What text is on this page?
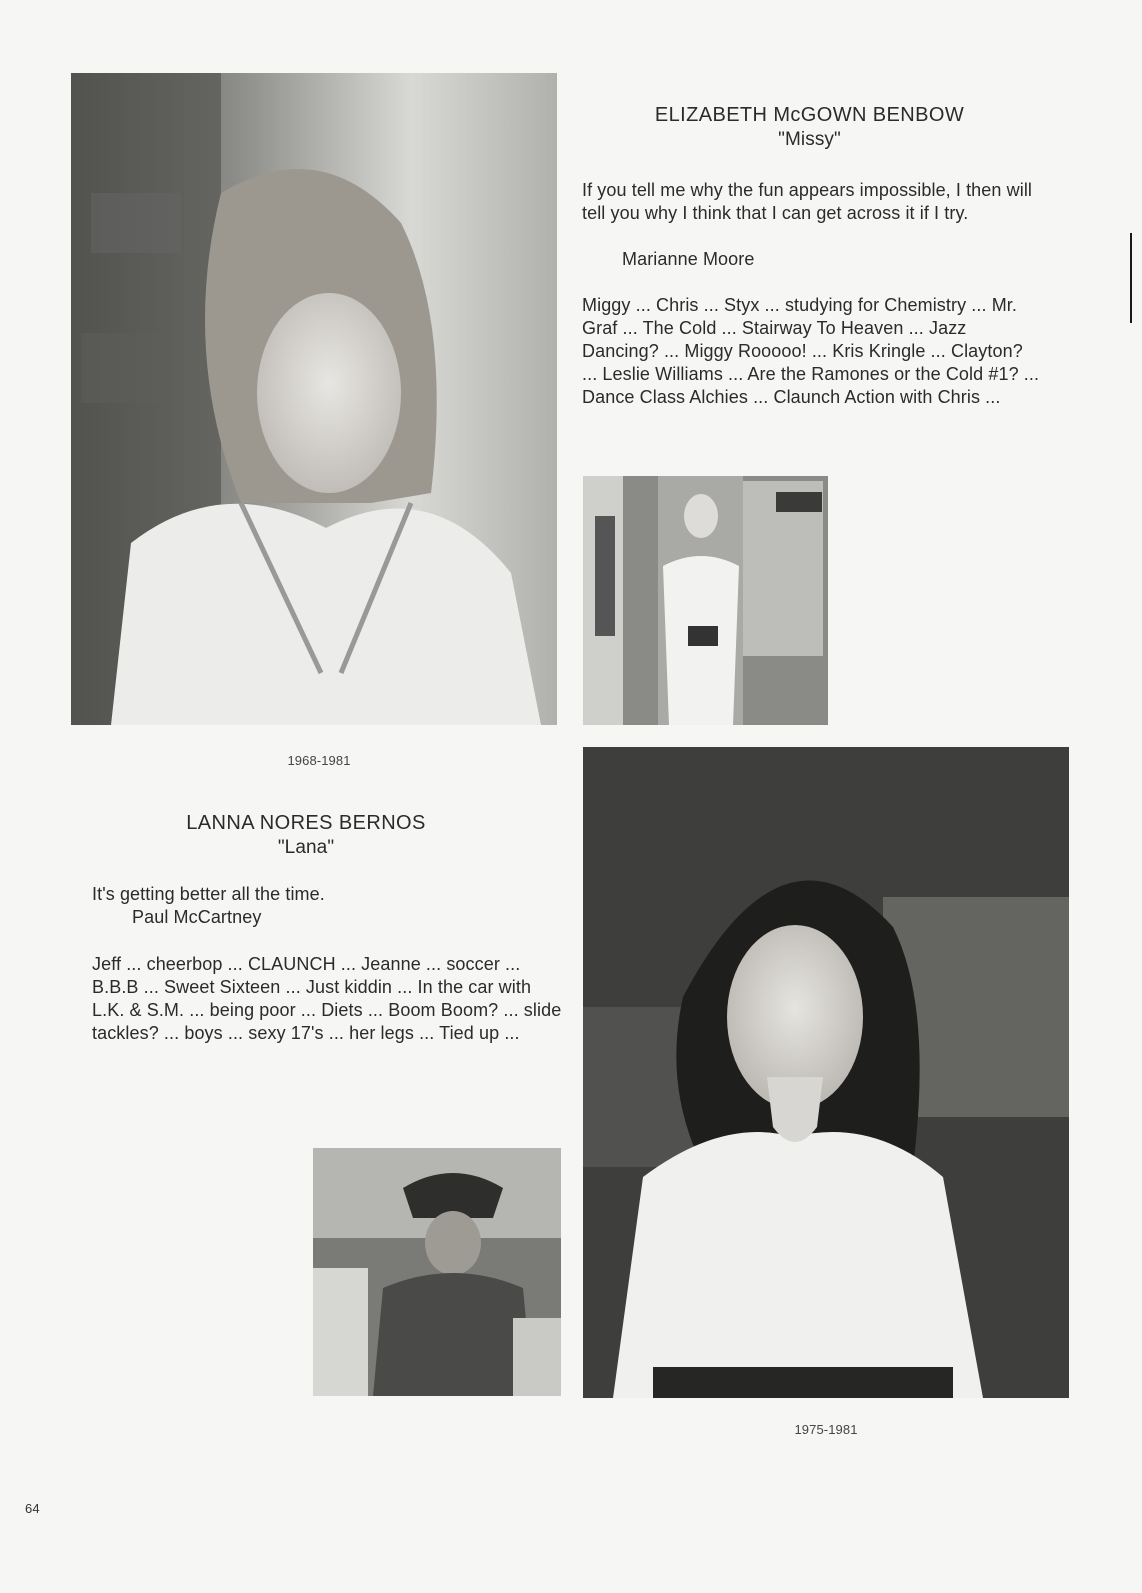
ELIZABETH McGOWN BENBOW
"Missy"
If you tell me why the fun appears impossible, I then will tell you why I think that I can get across it if I try.
Marianne Moore
Miggy ... Chris ... Styx ... studying for Chemistry ... Mr. Graf ... The Cold ... Stairway To Heaven ... Jazz Dancing? ... Miggy Rooooo! ... Kris Kringle ... Clayton? ... Leslie Williams ... Are the Ramones or the Cold #1? ... Dance Class Alchies ... Claunch Action with Chris ...
1968-1981
LANNA NORES BERNOS
"Lana"
It's getting better all the time.
Paul McCartney
Jeff ... cheerbop ... CLAUNCH ... Jeanne ... soccer ... B.B.B ... Sweet Sixteen ... Just kiddin ... In the car with L.K. & S.M. ... being poor ... Diets ... Boom Boom? ... slide tackles? ... boys ... sexy 17's ... her legs ... Tied up ...
1975-1981
64
